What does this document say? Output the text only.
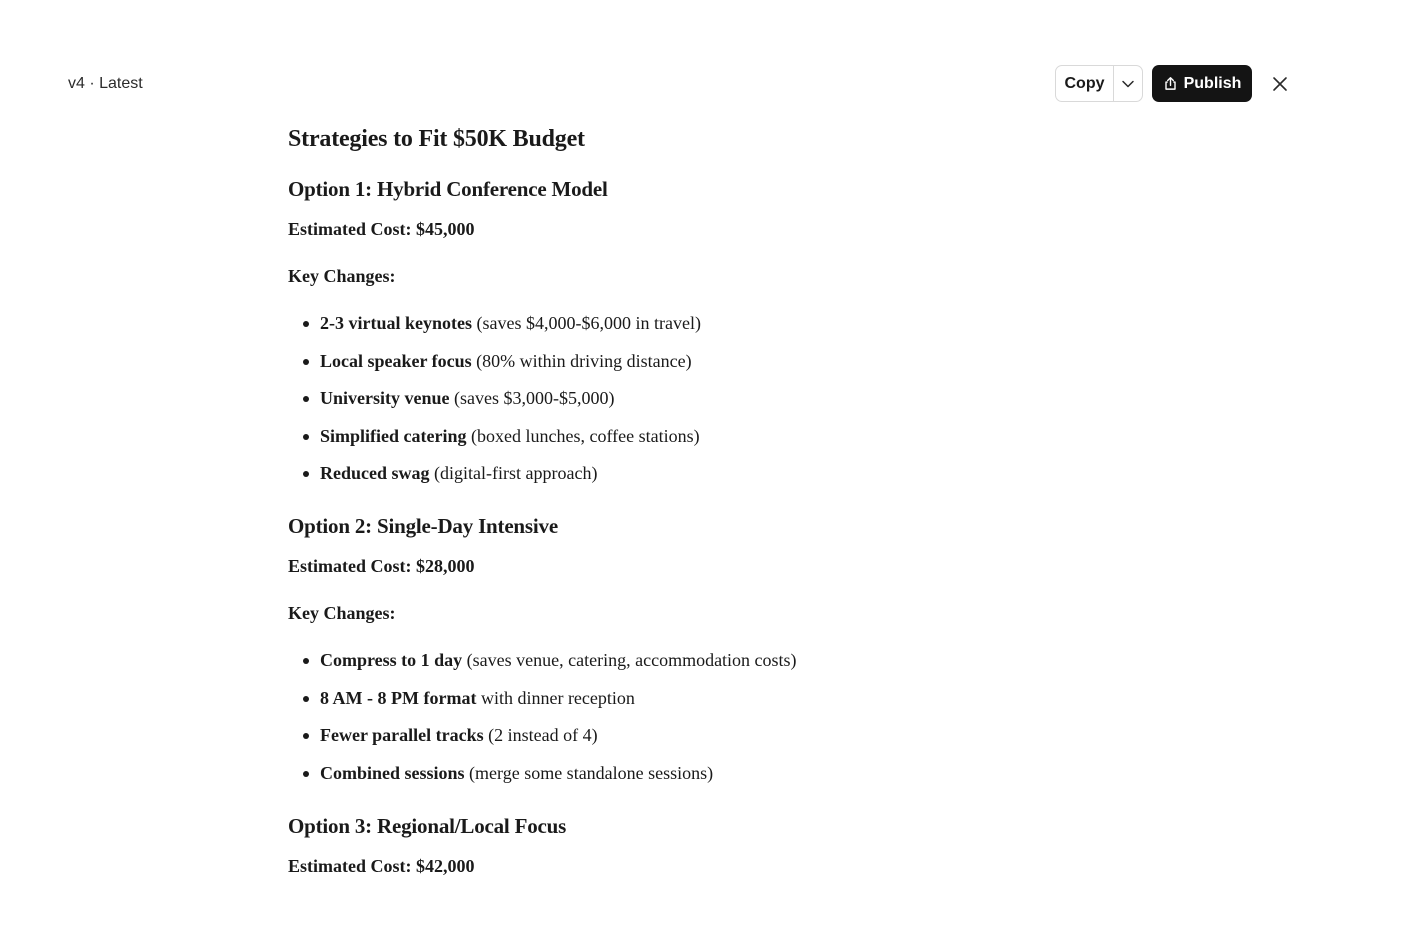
v4 · Latest	Copy	Publish
Strategies to Fit $50K Budget
Option 1: Hybrid Conference Model

Estimated Cost: $45,000

Key Changes:

2-3 virtual keynotes (saves $4,000-$6,000 in travel)
Local speaker focus (80% within driving distance)
University venue (saves $3,000-$5,000)
Simplified catering (boxed lunches, coffee stations)
Reduced swag (digital-first approach)
Option 2: Single-Day Intensive

Estimated Cost: $28,000

Key Changes:

Compress to 1 day (saves venue, catering, accommodation costs)
8 AM - 8 PM format with dinner reception
Fewer parallel tracks (2 instead of 4)
Combined sessions (merge some standalone sessions)
Option 3: Regional/Local Focus

Estimated Cost: $42,000
